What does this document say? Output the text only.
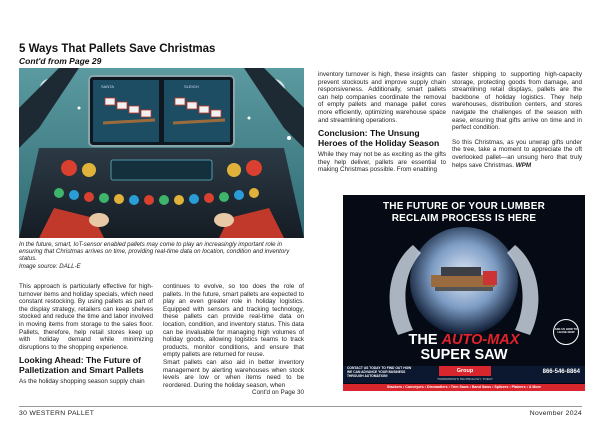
5 Ways That Pallets Save Christmas
Cont'd from Page 29
SANTA	SLEIGH
In the future, smart, IoT-sensor enabled pallets may come to play an increasingly important role in ensuring that Christmas arrives on time, providing real-time data on location, condition and inventory status.
Image source: DALL-E

This approach is particularly effective for high-turnover items and holiday specials, which need constant restocking. By using pallets as part of the display strategy, retailers can keep shelves stocked and reduce the time and labor involved in moving items from storage to the sales floor. Pallets, therefore, help retail stores keep up with holiday demand while minimizing disruptions to the shopping experience.

Looking Ahead: The Future of Palletization and Smart Pallets

As the holiday shopping season supply chain

continues to evolve, so too does the role of pallets. In the future, smart pallets are expected to play an even greater role in holiday logistics. Equipped with sensors and tracking technology, these pallets can provide real-time data on location, condition, and inventory status. This data can be invaluable for managing high volumes of holiday goods, allowing logistics teams to track products, monitor conditions, and ensure that empty pallets are returned for reuse.

Smart pallets can also aid in better inventory management by alerting warehouses when stock levels are low or when items need to be reordered. During the holiday season, when

Cont'd on Page 30

inventory turnover is high, these insights can prevent stockouts and improve supply chain responsiveness. Additionally, smart pallets can help companies coordinate the removal of empty pallets and manage pallet cores more efficiently, optimizing warehouse space and streamlining operations.

Conclusion: The Unsung Heroes of the Holiday Season

While they may not be as exciting as the gifts they help deliver, pallets are essential to making Christmas possible. From enabling

faster shipping to supporting high-capacity storage, protecting goods from damage, and streamlining retail displays, pallets are the backbone of holiday logistics. They help warehouses, distribution centers, and stores navigate the challenges of the season with ease, ensuring that gifts arrive on time and in perfect condition.

So this Christmas, as you unwrap gifts under the tree, take a moment to appreciate the oft overlooked pallet—an unsung hero that truly helps save Christmas. WPM

THE FUTURE OF YOUR LUMBER
RECLAIM PROCESS IS HERE
ASK US HOW TO LEASE NOW
THE AUTO-MAX
SUPER SAW
CONTACT US TODAY TO FIND OUT HOW WE CAN ADVANCE YOUR BUSINESS THROUGH AUTOMATION!
Group
TOMORROW'S TECHNOLOGY, TODAY
866-546-8864
Stackers • Conveyors • Dismantlers • Trim Saws • Band Saws • Splicers • Plainers • & More
30 WESTERN PALLET	November 2024
